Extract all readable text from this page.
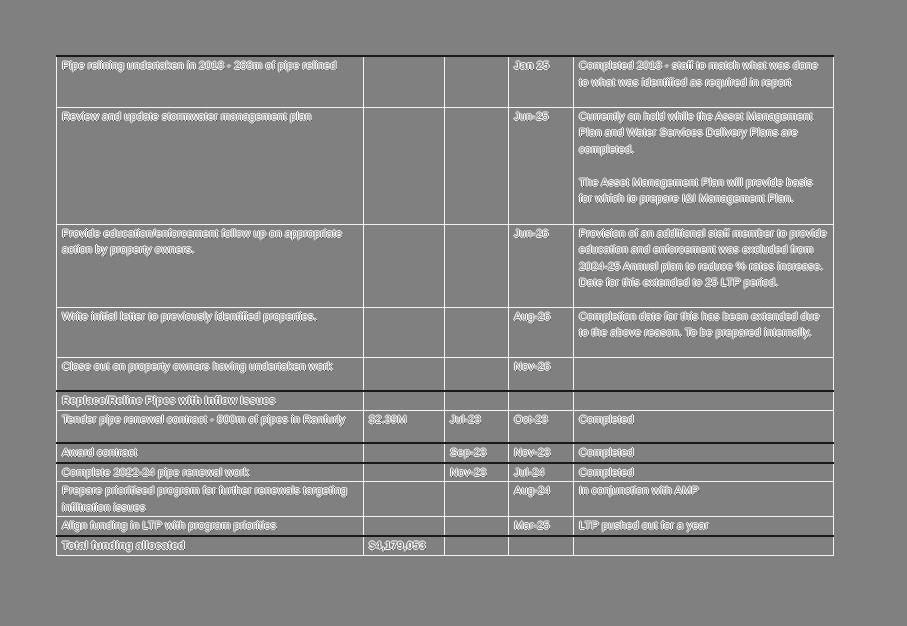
Pipe relining undertaken in 2018 - 288m of pipe relined			Jan 25	Completed 2018 - staff to match what was done to what was identified as required in report
Review and update stormwater management plan			Jun-25	Currently on hold while the Asset Management Plan and Water Services Delivery Plans are completed.
The Asset Management Plan will provide basis for which to prepare I&I Management Plan.

Provide education/enforcement follow up on appropriate action by property owners.			Jun-26	Provision of an additional staff member to provide education and enforcement was excluded from 2024-25 Annual plan to reduce % rates increase. Date for this extended to 25 LTP period.
Write initial letter to previously identified properties.			Aug-26	Completion date for this has been extended due to the above reason. To be prepared internally.
Close out on property owners having undertaken work			Nov-26	
Replace/Reline Pipes with Inflow Issues				
Tender pipe renewal contract - 800m of pipes in Ranfurly	$2.39M	Jul-23	Oct-23	Completed
Award contract		Sep-23	Nov-23	Completed
Complete 2022-24 pipe renewal work		Nov-23	Jul-24	Completed
Prepare prioritised program for further renewals targeting infiltration issues			Aug-24	In conjunction with AMP
Align funding in LTP with program priorities			Mar-25	LTP pushed out for a year
Total funding allocated	$4,179,053			
